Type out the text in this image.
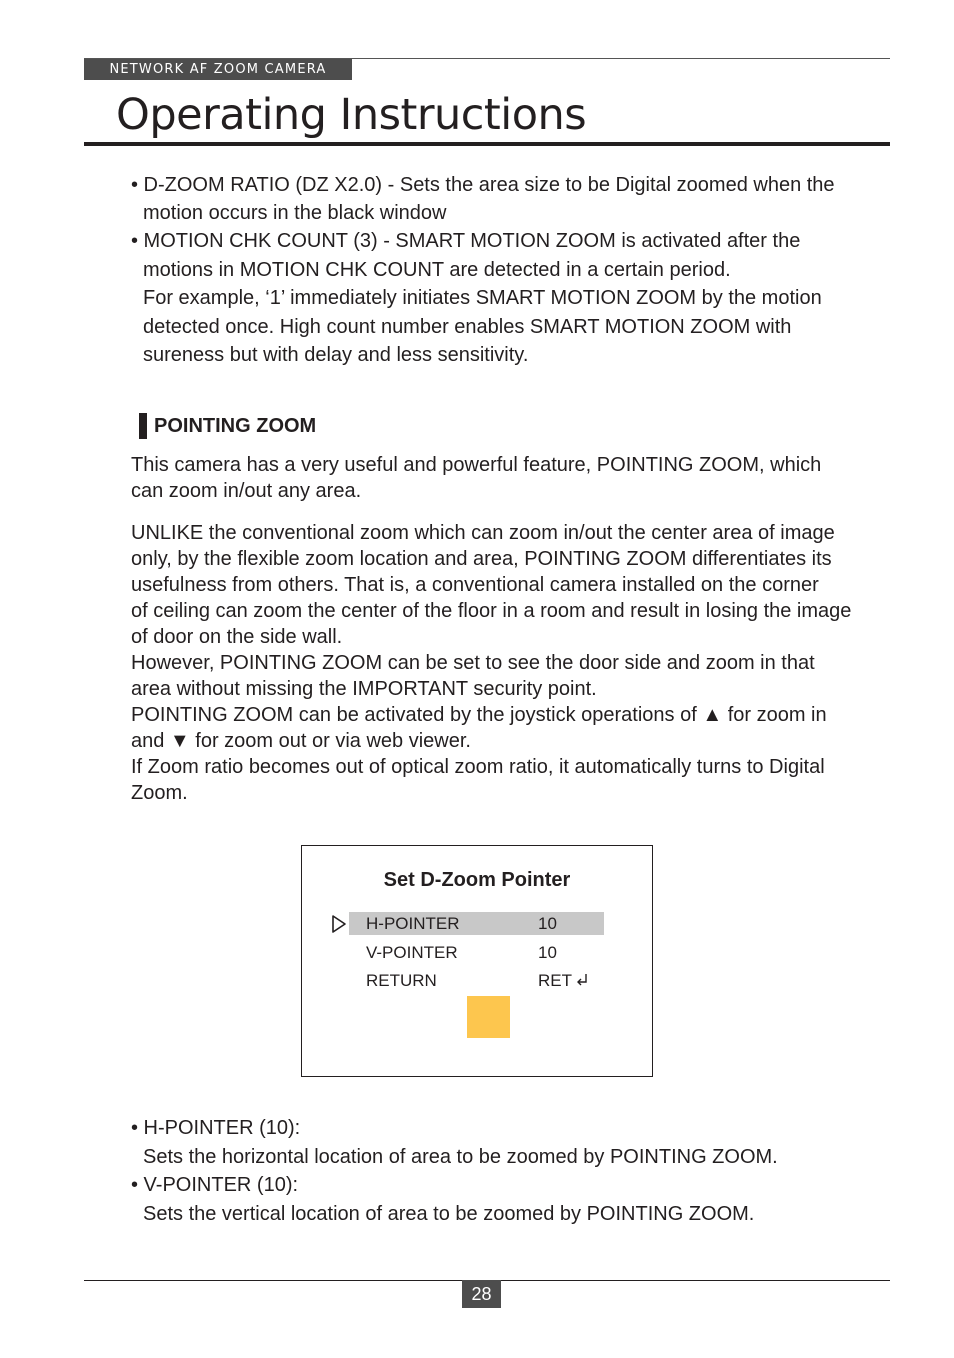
NETWORK AF ZOOM CAMERA
Operating Instructions

• D-ZOOM RATIO (DZ X2.0) - Sets the area size to be Digital zoomed when the

motion occurs in the black window

• MOTION CHK COUNT (3) - SMART MOTION ZOOM is activated after the

motions in MOTION CHK COUNT are detected in a certain period.

For example, ‘1’ immediately initiates SMART MOTION ZOOM by the motion

detected once. High count number enables SMART MOTION ZOOM with

sureness but with delay and less sensitivity.

POINTING ZOOM

This camera has a very useful and powerful feature, POINTING ZOOM, which

can zoom in/out any area.

UNLIKE the conventional zoom which can zoom in/out the center area of image

only, by the flexible zoom location and area, POINTING ZOOM differentiates its

usefulness from others. That is, a conventional camera installed on the corner

of ceiling can zoom the center of the floor in a room and result in losing the image

of door on the side wall.

However, POINTING ZOOM can be set to see the door side and zoom in that

area without missing the IMPORTANT security point.

POINTING ZOOM can be activated by the joystick operations of ▲ for zoom in

and ▼ for zoom out or via web viewer.

If Zoom ratio becomes out of optical zoom ratio, it automatically turns to Digital

Zoom.

Set D-Zoom Pointer
H-POINTER	10
V-POINTER	10
RETURN	RET

• H-POINTER (10):

Sets the horizontal location of area to be zoomed by POINTING ZOOM.

• V-POINTER (10):

Sets the vertical location of area to be zoomed by POINTING ZOOM.

28
